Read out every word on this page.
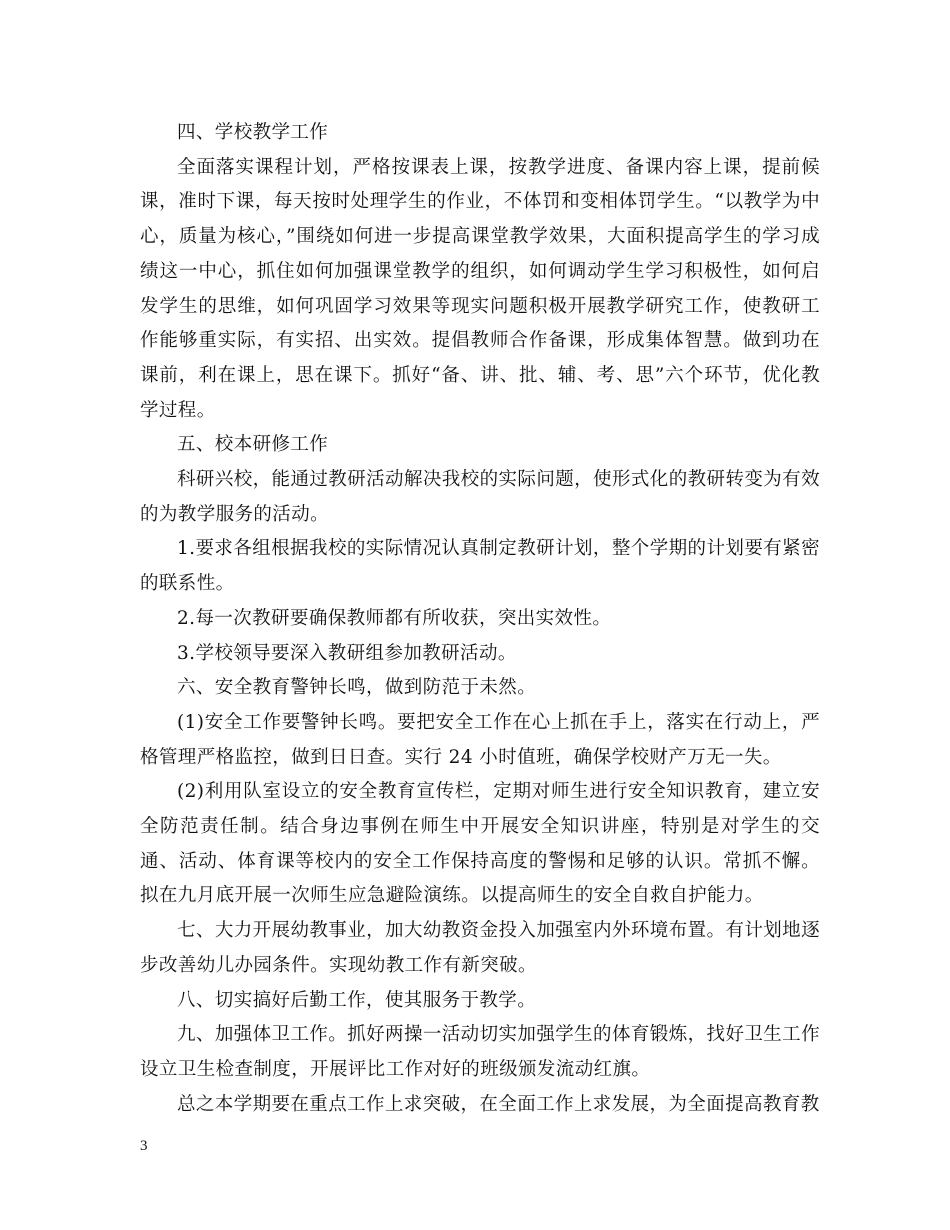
四、学校教学工作

全面落实课程计划，严格按课表上课，按教学进度、备课内容上课，提前候课，准时下课，每天按时处理学生的作业，不体罚和变相体罚学生。“以教学为中心，质量为核心，”围绕如何进一步提高课堂教学效果，大面积提高学生的学习成绩这一中心，抓住如何加强课堂教学的组织，如何调动学生学习积极性，如何启发学生的思维，如何巩固学习效果等现实问题积极开展教学研究工作，使教研工作能够重实际，有实招、出实效。提倡教师合作备课，形成集体智慧。做到功在课前，利在课上，思在课下。抓好“备、讲、批、辅、考、思”六个环节，优化教学过程。

五、校本研修工作

科研兴校，能通过教研活动解决我校的实际问题，使形式化的教研转变为有效的为教学服务的活动。

1.要求各组根据我校的实际情况认真制定教研计划，整个学期的计划要有紧密的联系性。

2.每一次教研要确保教师都有所收获，突出实效性。

3.学校领导要深入教研组参加教研活动。

六、安全教育警钟长鸣，做到防范于未然。

(1)安全工作要警钟长鸣。要把安全工作在心上抓在手上，落实在行动上，严格管理严格监控，做到日日查。实行 24 小时值班，确保学校财产万无一失。

(2)利用队室设立的安全教育宣传栏，定期对师生进行安全知识教育，建立安全防范责任制。结合身边事例在师生中开展安全知识讲座，特别是对学生的交通、活动、体育课等校内的安全工作保持高度的警惕和足够的认识。常抓不懈。拟在九月底开展一次师生应急避险演练。以提高师生的安全自救自护能力。

七、大力开展幼教事业，加大幼教资金投入加强室内外环境布置。有计划地逐步改善幼儿办园条件。实现幼教工作有新突破。

八、切实搞好后勤工作，使其服务于教学。

九、加强体卫工作。抓好两操一活动切实加强学生的体育锻炼，找好卫生工作设立卫生检查制度，开展评比工作对好的班级颁发流动红旗。

总之本学期要在重点工作上求突破，在全面工作上求发展，为全面提高教育教

3
